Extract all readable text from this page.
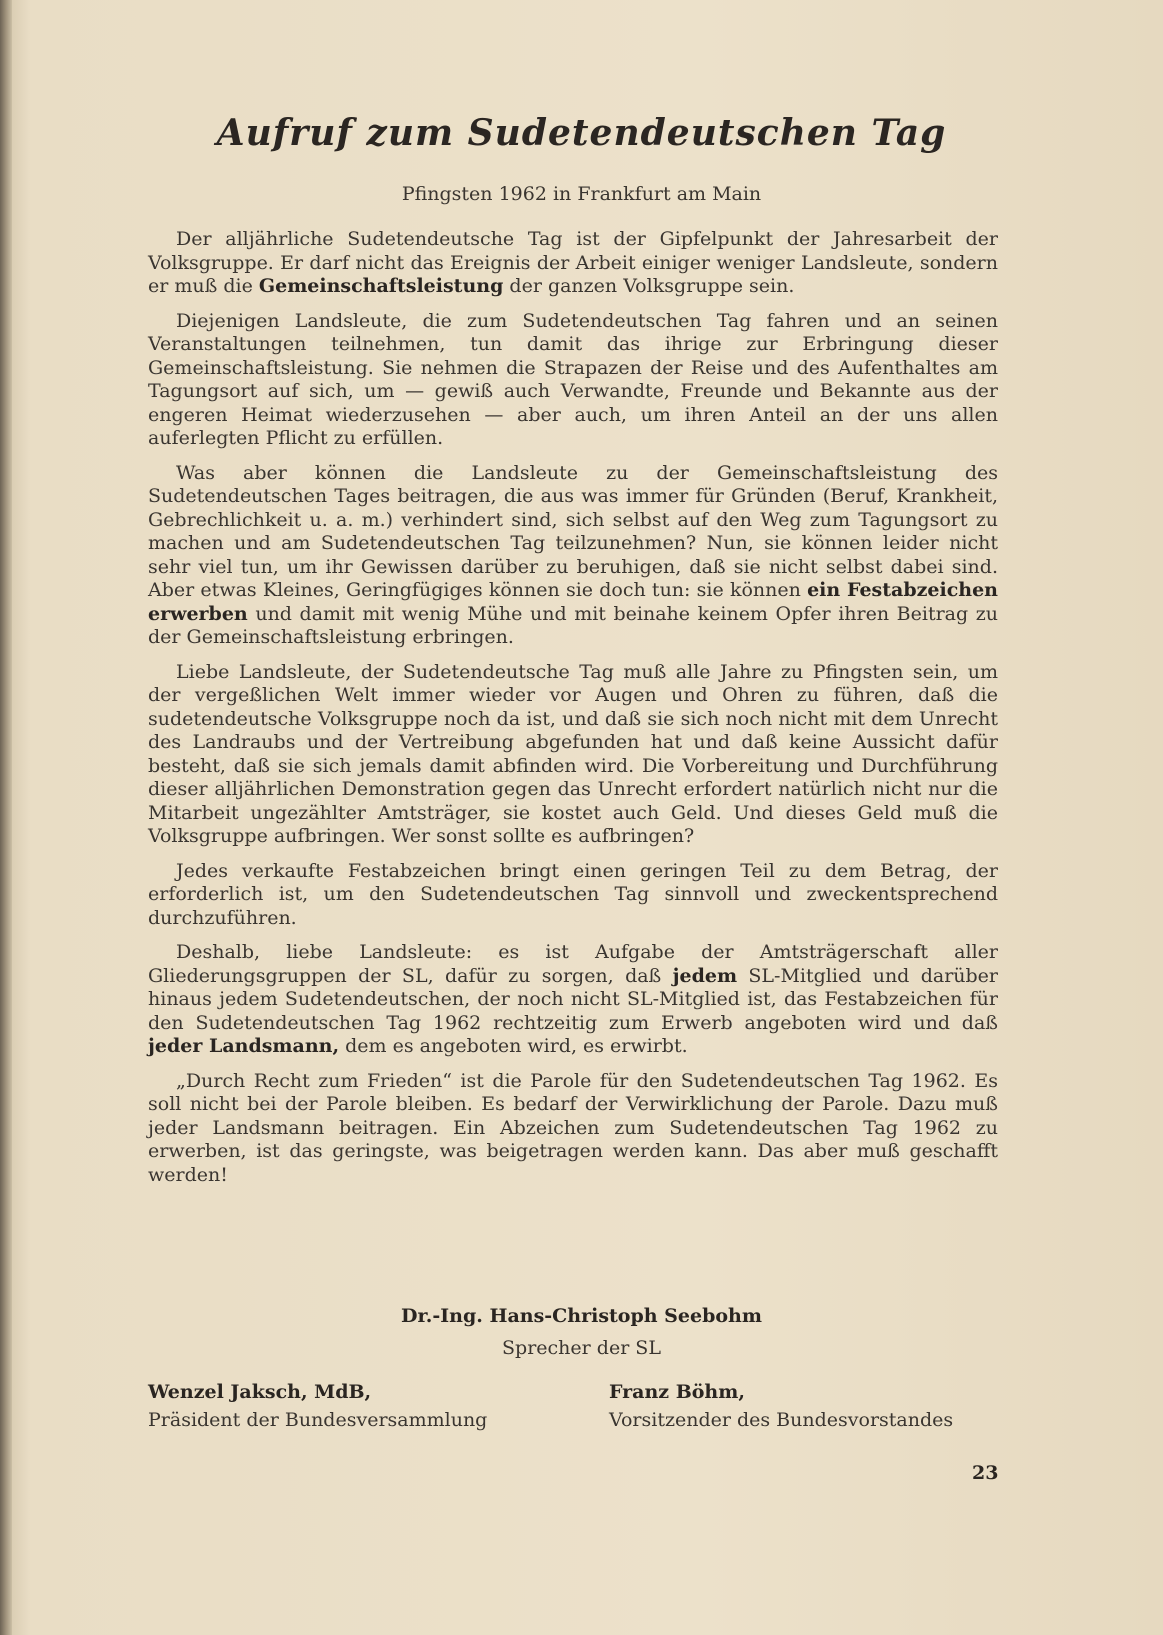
Aufruf zum Sudetendeutschen Tag
Pfingsten 1962 in Frankfurt am Main

Der alljährliche Sudetendeutsche Tag ist der Gipfelpunkt der Jahresarbeit der Volksgruppe. Er darf nicht das Ereignis der Arbeit einiger weniger Landsleute, sondern er muß die Gemeinschaftsleistung der ganzen Volksgruppe sein.

Diejenigen Landsleute, die zum Sudetendeutschen Tag fahren und an seinen Veranstaltungen teilnehmen, tun damit das ihrige zur Erbringung dieser Gemeinschaftsleistung. Sie nehmen die Strapazen der Reise und des Aufenthaltes am Tagungsort auf sich, um — gewiß auch Verwandte, Freunde und Bekannte aus der engeren Heimat wiederzusehen — aber auch, um ihren Anteil an der uns allen auferlegten Pflicht zu erfüllen.

Was aber können die Landsleute zu der Gemeinschaftsleistung des Sudetendeutschen Tages beitragen, die aus was immer für Gründen (Beruf, Krankheit, Gebrechlichkeit u. a. m.) verhindert sind, sich selbst auf den Weg zum Tagungsort zu machen und am Sudetendeutschen Tag teilzunehmen? Nun, sie können leider nicht sehr viel tun, um ihr Gewissen darüber zu beruhigen, daß sie nicht selbst dabei sind. Aber etwas Kleines, Geringfügiges können sie doch tun: sie können ein Festabzeichen erwerben und damit mit wenig Mühe und mit beinahe keinem Opfer ihren Beitrag zu der Gemeinschaftsleistung erbringen.

Liebe Landsleute, der Sudetendeutsche Tag muß alle Jahre zu Pfingsten sein, um der vergeßlichen Welt immer wieder vor Augen und Ohren zu führen, daß die sudetendeutsche Volksgruppe noch da ist, und daß sie sich noch nicht mit dem Unrecht des Landraubs und der Vertreibung abgefunden hat und daß keine Aussicht dafür besteht, daß sie sich jemals damit abfinden wird. Die Vorbereitung und Durchführung dieser alljährlichen Demonstration gegen das Unrecht erfordert natürlich nicht nur die Mitarbeit ungezählter Amtsträger, sie kostet auch Geld. Und dieses Geld muß die Volksgruppe aufbringen. Wer sonst sollte es aufbringen?

Jedes verkaufte Festabzeichen bringt einen geringen Teil zu dem Betrag, der erforderlich ist, um den Sudetendeutschen Tag sinnvoll und zweckentsprechend durchzuführen.

Deshalb, liebe Landsleute: es ist Aufgabe der Amtsträgerschaft aller Gliederungsgruppen der SL, dafür zu sorgen, daß jedem SL-Mitglied und darüber hinaus jedem Sudetendeutschen, der noch nicht SL-Mitglied ist, das Festabzeichen für den Sudetendeutschen Tag 1962 rechtzeitig zum Erwerb angeboten wird und daß jeder Landsmann, dem es angeboten wird, es erwirbt.

„Durch Recht zum Frieden“ ist die Parole für den Sudetendeutschen Tag 1962. Es soll nicht bei der Parole bleiben. Es bedarf der Verwirklichung der Parole. Dazu muß jeder Landsmann beitragen. Ein Abzeichen zum Sudetendeutschen Tag 1962 zu erwerben, ist das geringste, was beigetragen werden kann. Das aber muß geschafft werden!

Dr.-Ing. Hans-Christoph Seebohm
Sprecher der SL
Wenzel Jaksch, MdB,
Präsident der Bundesversammlung
Franz Böhm,
Vorsitzender des Bundesvorstandes
23
